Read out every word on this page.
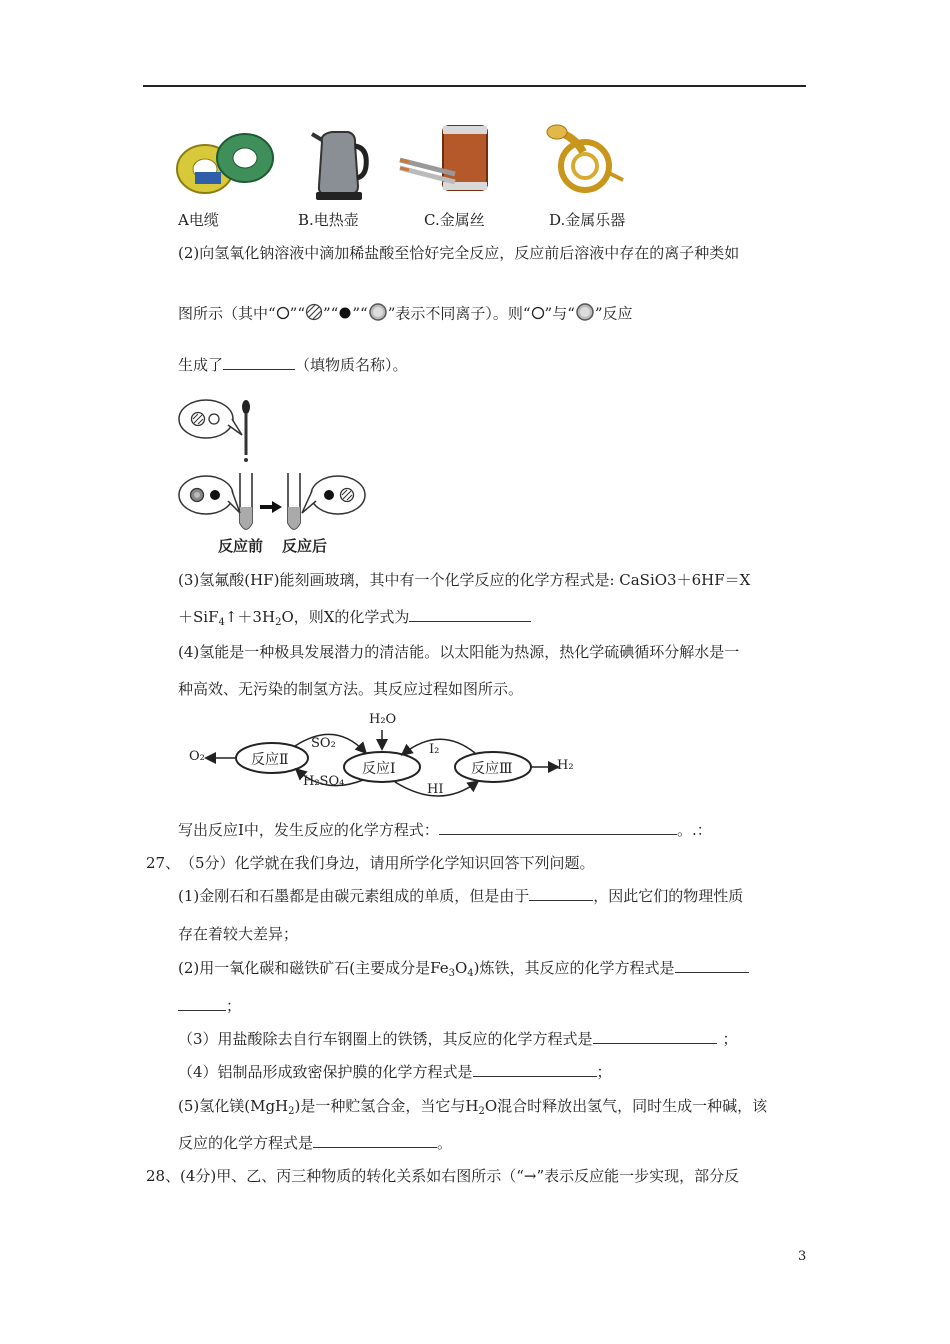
A电缆	B.电热壶	C.金属丝	D.金属乐器
(2)向氢氧化钠溶液中滴加稀盐酸至恰好完全反应，反应前后溶液中存在的离子种类如
图所示（其中“ ”“ ”“ ”“ ”表示不同离子）。则“ ”与“ ”反应
生成了	（填物质名称）。
反应前 反应后
(3)氢氟酸(HF)能刻画玻璃，其中有一个化学反应的化学方程式是: CaSiO3＋6HF＝X
$+SiF_4↑+3H_2O$，则X的化学式为
(4)氢能是一种极具发展潜力的清洁能。以太阳能为热源，热化学硫碘循环分解水是一
种高效、无污染的制氢方法。其反应过程如图所示。
O₂	反应Ⅱ
SO₂
H₂SO₄
H₂O
反应Ⅰ
I₂
HI
反应Ⅲ	H₂
写出反应Ⅰ中，发生反应的化学方程式：	。.：
27、 （5分）化学就在我们身边，请用所学化学知识回答下列问题。
(1)金刚石和石墨都是由碳元素组成的单质，但是由于	，因此它们的物理性质
存在着较大差异；
(2)用一氧化碳和磁铁矿石(主要成分是$Fe_3O_4$)炼铁，其反应的化学方程式是
；
（3）用盐酸除去自行车钢圈上的铁锈，其反应的化学方程式是	；
（4）铝制品形成致密保护膜的化学方程式是	；
(5)氢化镁(MgH$_2$)是一种贮氢合金，当它与$H_2O$混合时释放出氢气，同时生成一种碱，该
反应的化学方程式是	。
28、 (4分)甲、乙、丙三种物质的转化关系如右图所示（“→”表示反应能一步实现，部分反
3
